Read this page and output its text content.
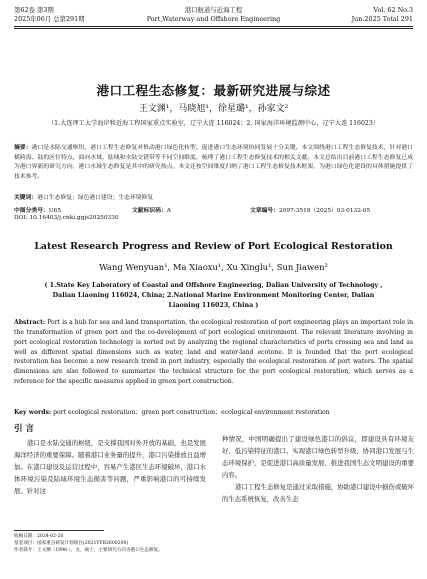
第62卷 第3期
2025年06月 总第291期
港口航道与近海工程
Port,Waterway and Offshore Engineering
Vol. 62 No.3
Jun.2025 Total 291
港口工程生态修复：最新研究进展与综述
王文渊¹，马晓旭¹，徐星璐¹，孙家文²
（1.大连理工大学海岸和近海工程国家重点实验室，辽宁大连 116024；2. 国家海洋环境监测中心，辽宁大连 116023）
摘要：港口是水陆交通枢纽，港口工程生态修复对推动港口绿色化转型、促进港口生态环境协同发展十分关键。本文围绕港口工程生态修复技术，针对港口横跨海、陆的区位特点，面向水域、陆域和水陆交错带等不同空间维度，梳理了港口工程生态修复技术的相关文献。本文总结出目前港口工程生态修复已成为港口界新的研究方向，港口水域生态修复是其中的研究热点。本文还按空间维度归纳了港口工程生态修复技术框架，为港口绿色化建设的具体措施提供了技术参考。
关键词：港口生态修复；绿色港口建设；生态环境修复
中图分类号：U65	文献标识码：A	文章编号：2097-3519（2025）03-0132-05
DOI: 10.16403/j.cnki.ggjs20250330
Latest Research Progress and Review of Port Ecological Restoration
Wang Wenyuan¹, Ma Xiaoxu¹, Xu Xinglu¹, Sun Jiawen²
( 1.State Key Laboratory of Coastal and Offshore Engineering, Dalian University of Technology , Dalian Liaoning 116024, China; 2.National Marine Environment Monitoring Center, Dalian Liaoning 116023, China )
Abstract: Port is a hub for sea and land transportation, the ecological restoration of port engineering plays an important role in the transformation of green port and the co-development of port ecological environment. The relevant literature involving in port ecological restoration technology is sorted out by analyzing the regional characteristics of ports crossing sea and land as well as different spatial dimensions such as water, land and water-land ecotone. It is founded that the port ecological restoration has become a new research trend in port industry, especially the ecological restoration of port waters. The spatial dimensions are also followed to summarize the technical structure for the port ecological restoration, which serves as a reference for the specific measures applied in green port construction.
Key words: port ecological restoration；green port construction；ecological environment restoration
引 言

港口是水陆交通的枢纽，是支撑我国对外开放的基础，也是发展海洋经济的重要保障。随着港口业务量的提升，港口污染排放日益增加。在港口建设及运营过程中，容易产生港区生态环境破坏、港口水体环境污染及陆域环境生态损害等问题，严重影响港口的可持续发展。针对这

种情况，中国明确提出了建设绿色港口的倡议，即建设具有环境友好、低污染特征的港口。实现港口绿色转型升级、协同港口发展与生态环境保护，是促进港口高质量发展、推进我国生态文明建设的重要内容。

港口工程生态修复是通过采取措施，协助港口建设中损伤或破坏的生态系统恢复，改善生态

收稿日期：2024-02-20
基金项目：国家重点研发计划项目(2021YFB2600200)
作者简介：王文渊（1996-），女，硕士，主要研究方向为港口生态修复。
